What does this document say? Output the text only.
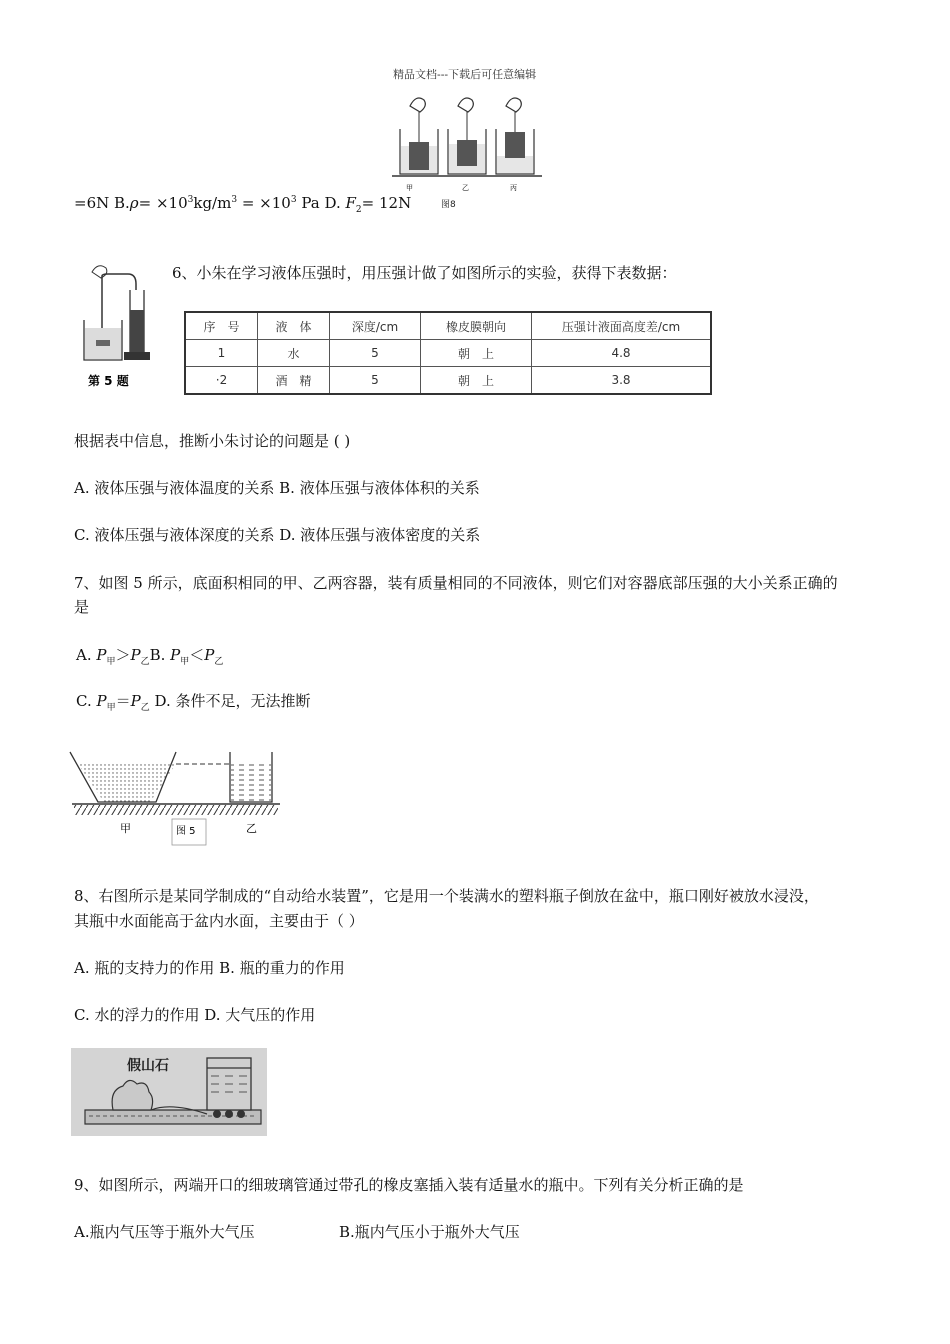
精品文档---下载后可任意编辑
甲	乙	丙
=6N $B.\rho= \times 10^3kg/m^3 = \times 10^3$ Pa D. $F_2= 12N$	图8
第 5 题
6、小朱在学习液体压强时，用压强计做了如图所示的实验，获得下表数据：
序　号	液　体	深度/cm	橡皮膜朝向	压强计液面高度差/cm
1	水	5	朝　上	4.8
·2	酒　精	5	朝　上	3.8
根据表中信息，推断小朱讨论的问题是 ( )
A. 液体压强与液体温度的关系 B. 液体压强与液体体积的关系
C. 液体压强与液体深度的关系 D. 液体压强与液体密度的关系
7、如图 5 所示，底面积相同的甲、乙两容器，装有质量相同的不同液体，则它们对容器底部压强的大小关系正确的
是
A. $P_甲>P_乙B$. $P_甲<P_乙$
C. $P_甲=P_乙$ D. 条件不足，无法推断
甲	图 5	乙
8、右图所示是某同学制成的“自动给水装置”，它是用一个装满水的塑料瓶子倒放在盆中，瓶口刚好被放水浸没，
其瓶中水面能高于盆内水面，主要由于（ ）
A. 瓶的支持力的作用 B. 瓶的重力的作用
C. 水的浮力的作用 D. 大气压的作用
假山石
9、如图所示，两端开口的细玻璃管通过带孔的橡皮塞插入装有适量水的瓶中。下列有关分析正确的是
A.瓶内气压等于瓶外大气压	B.瓶内气压小于瓶外大气压
